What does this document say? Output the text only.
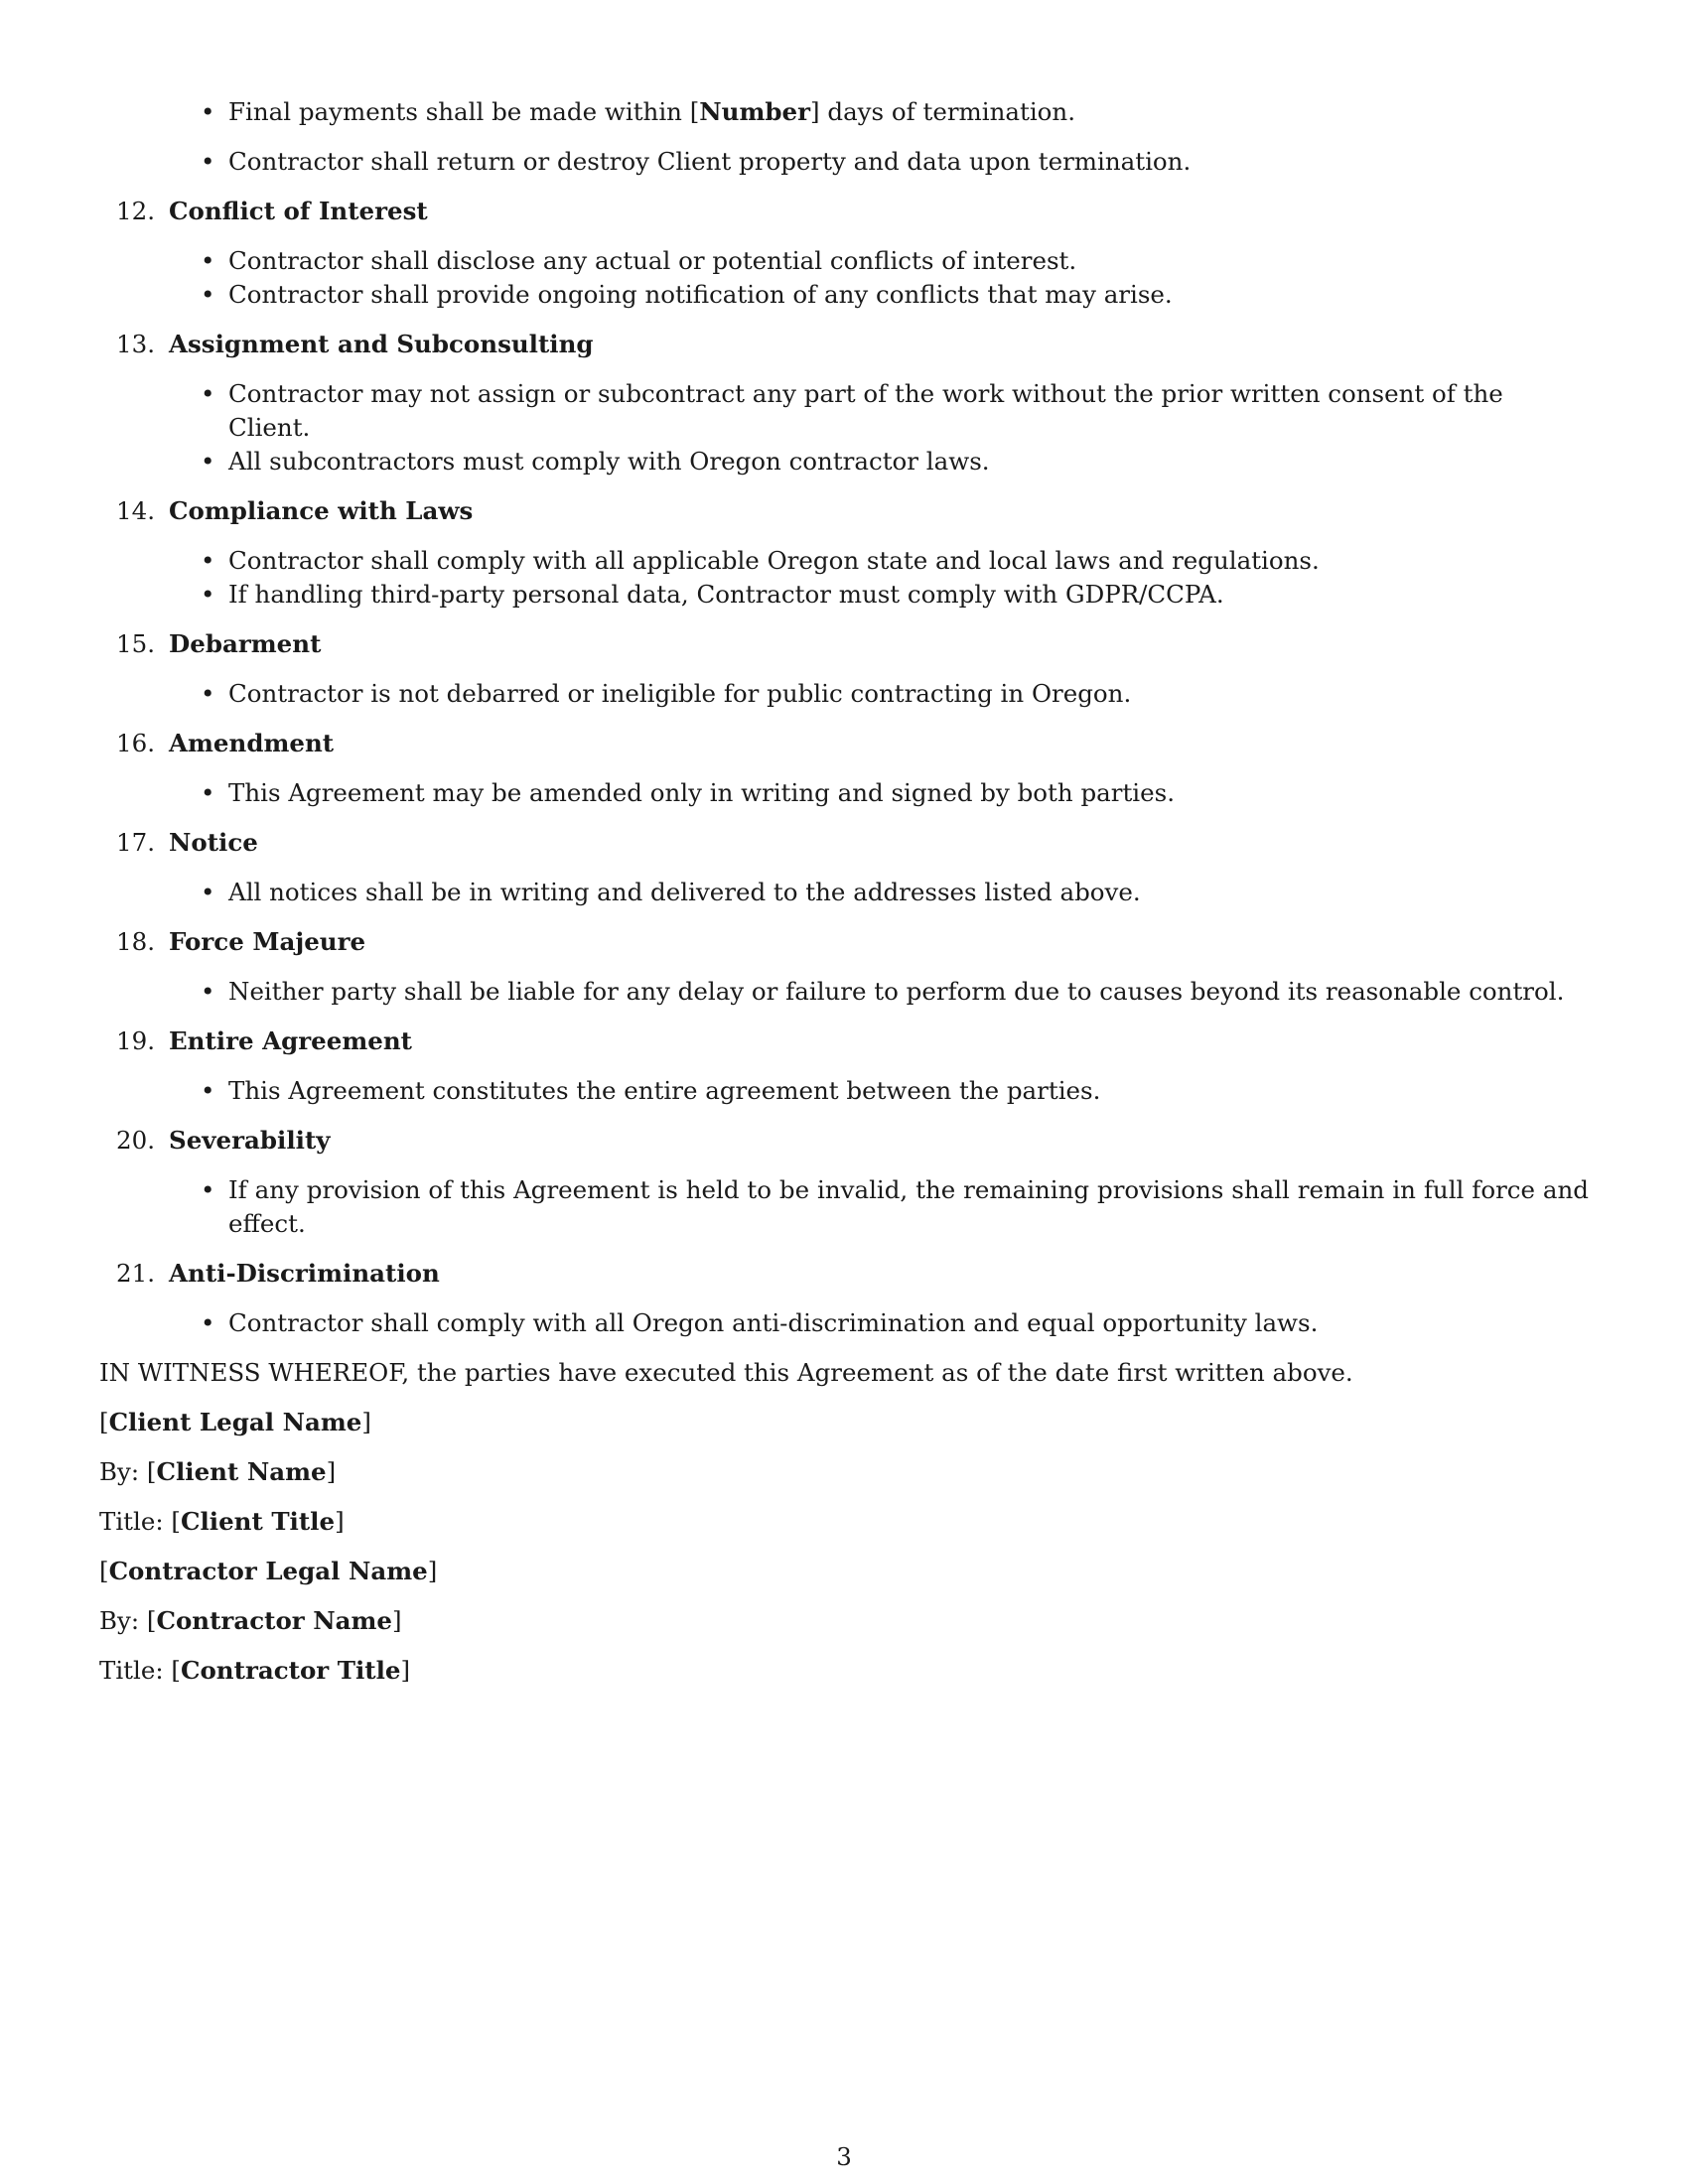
• Final payments shall be made within [Number] days of termination.
• Contractor shall return or destroy Client property and data upon termination.
12. Conflict of Interest
• Contractor shall disclose any actual or potential conflicts of interest.
• Contractor shall provide ongoing notification of any conflicts that may arise.
13. Assignment and Subconsulting
• Contractor may not assign or subcontract any part of the work without the prior written consent of the Client.
• All subcontractors must comply with Oregon contractor laws.
14. Compliance with Laws
• Contractor shall comply with all applicable Oregon state and local laws and regulations.
• If handling third-party personal data, Contractor must comply with GDPR/CCPA.
15. Debarment
• Contractor is not debarred or ineligible for public contracting in Oregon.
16. Amendment
• This Agreement may be amended only in writing and signed by both parties.
17. Notice
• All notices shall be in writing and delivered to the addresses listed above.
18. Force Majeure
• Neither party shall be liable for any delay or failure to perform due to causes beyond its reasonable control.
19. Entire Agreement
• This Agreement constitutes the entire agreement between the parties.
20. Severability
• If any provision of this Agreement is held to be invalid, the remaining provisions shall remain in full force and effect.
21. Anti-Discrimination
• Contractor shall comply with all Oregon anti-discrimination and equal opportunity laws.

IN WITNESS WHEREOF, the parties have executed this Agreement as of the date first written above.

[Client Legal Name]

By: [Client Name]

Title: [Client Title]

[Contractor Legal Name]

By: [Contractor Name]

Title: [Contractor Title]

3
